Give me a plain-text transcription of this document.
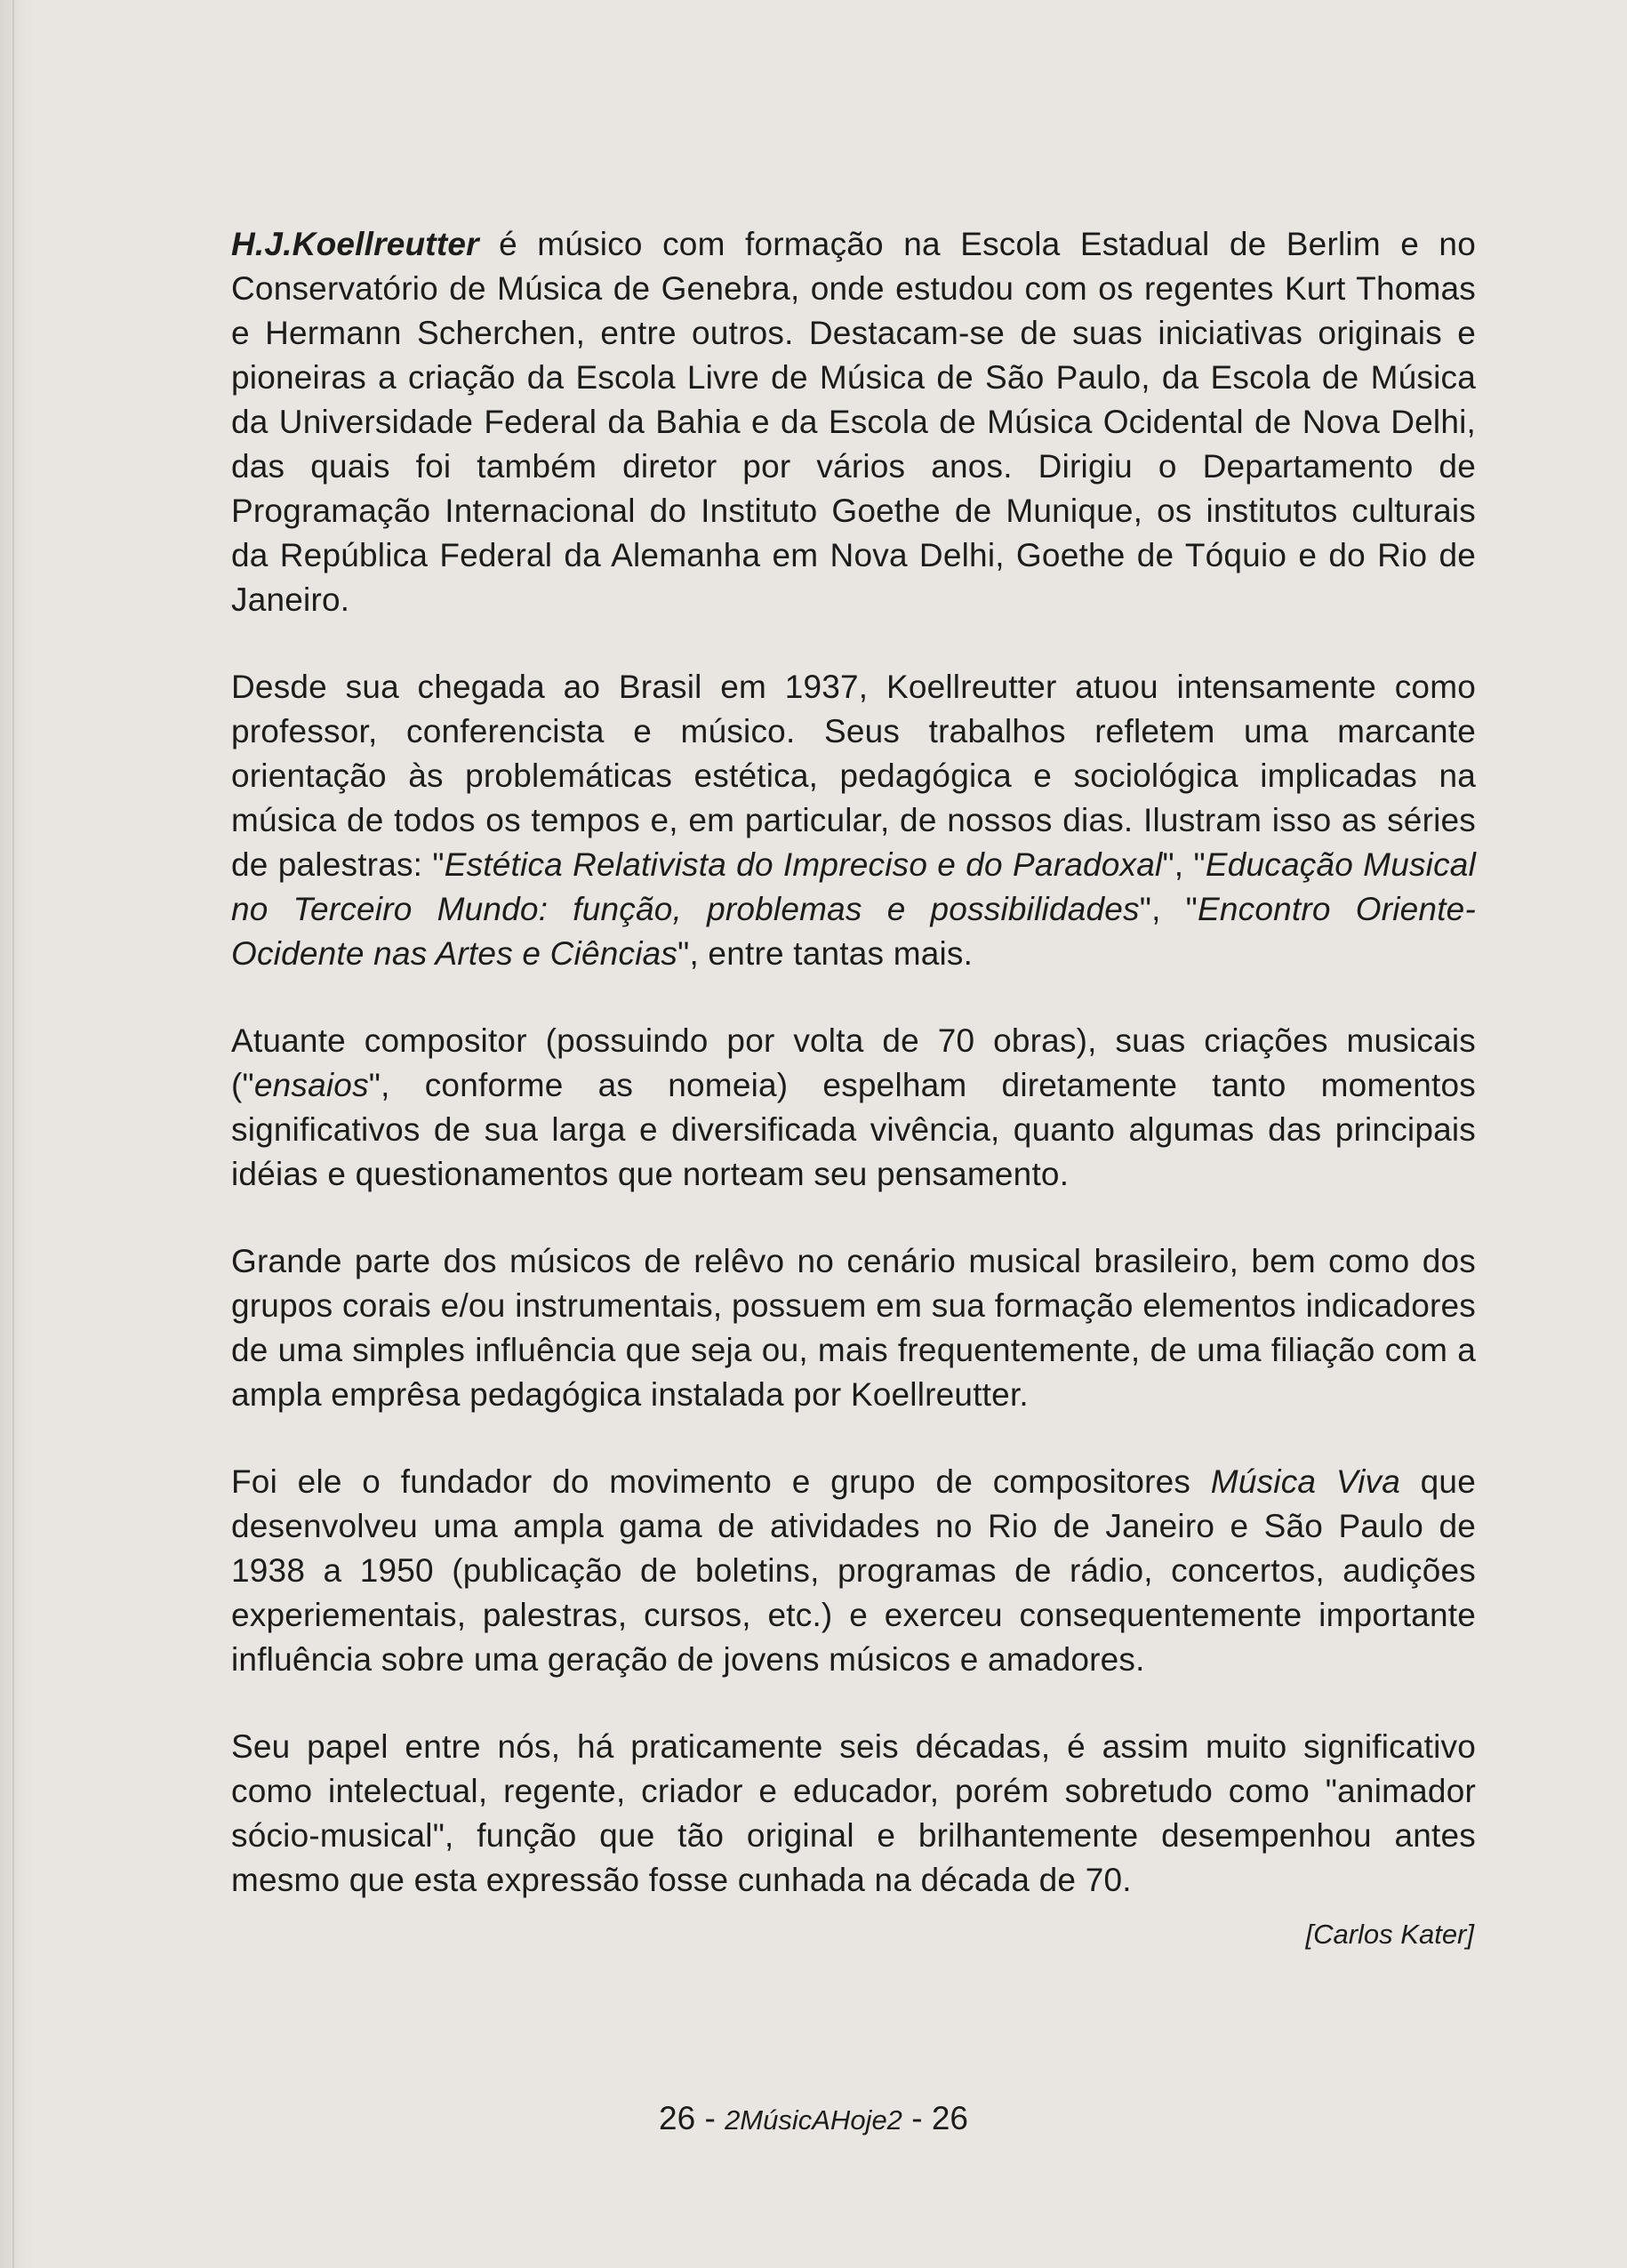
H.J.Koellreutter é músico com formação na Escola Estadual de Berlim e no Conservatório de Música de Genebra, onde estudou com os regentes Kurt Thomas e Hermann Scherchen, entre outros. Destacam-se de suas iniciativas originais e pioneiras a criação da Escola Livre de Música de São Paulo, da Escola de Música da Universidade Federal da Bahia e da Escola de Música Ocidental de Nova Delhi, das quais foi também diretor por vários anos. Dirigiu o Departamento de Programação Internacional do Instituto Goethe de Munique, os institutos culturais da República Federal da Alemanha em Nova Delhi, Goethe de Tóquio e do Rio de Janeiro.

Desde sua chegada ao Brasil em 1937, Koellreutter atuou intensamente como professor, conferencista e músico. Seus trabalhos refletem uma marcante orientação às problemáticas estética, pedagógica e sociológica implicadas na música de todos os tempos e, em particular, de nossos dias. Ilustram isso as séries de palestras: "Estética Relativista do Impreciso e do Paradoxal", "Educação Musical no Terceiro Mundo: função, problemas e possibilidades", "Encontro Oriente-Ocidente nas Artes e Ciências", entre tantas mais.

Atuante compositor (possuindo por volta de 70 obras), suas criações musicais ("ensaios", conforme as nomeia) espelham diretamente tanto momentos significativos de sua larga e diversificada vivência, quanto algumas das principais idéias e questionamentos que norteam seu pensamento.

Grande parte dos músicos de relêvo no cenário musical brasileiro, bem como dos grupos corais e/ou instrumentais, possuem em sua formação elementos indicadores de uma simples influência que seja ou, mais frequentemente, de uma filiação com a ampla emprêsa pedagógica instalada por Koellreutter.

Foi ele o fundador do movimento e grupo de compositores Música Viva que desenvolveu uma ampla gama de atividades no Rio de Janeiro e São Paulo de 1938 a 1950 (publicação de boletins, programas de rádio, concertos, audições experiementais, palestras, cursos, etc.) e exerceu consequentemente importante influência sobre uma geração de jovens músicos e amadores.

Seu papel entre nós, há praticamente seis décadas, é assim muito significativo como intelectual, regente, criador e educador, porém sobretudo como "animador sócio-musical", função que tão original e brilhantemente desempenhou antes mesmo que esta expressão fosse cunhada na década de 70.

[Carlos Kater]
26 - 2MúsicAHoje2 - 26
